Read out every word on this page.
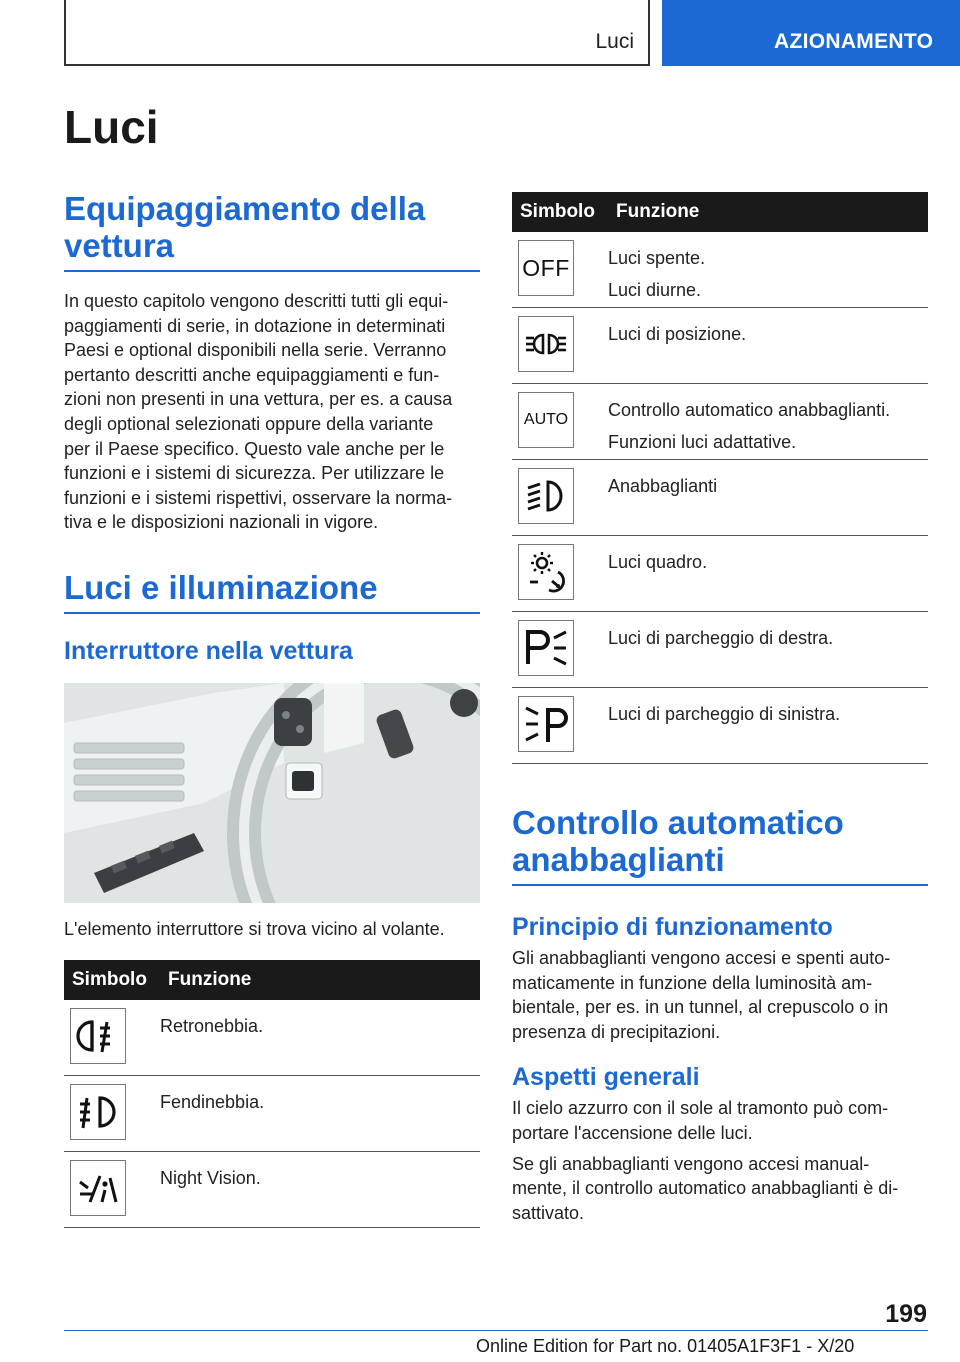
Luci	AZIONAMENTO
Luci
Equipaggiamento della vettura
In questo capitolo vengono descritti tutti gli equi-
paggiamenti di serie, in dotazione in determinati
Paesi e optional disponibili nella serie. Verranno
pertanto descritti anche equipaggiamenti e fun-
zioni non presenti in una vettura, per es. a causa
degli optional selezionati oppure della variante
per il Paese specifico. Questo vale anche per le
funzioni e i sistemi di sicurezza. Per utilizzare le
funzioni e i sistemi rispettivi, osservare la norma-
tiva e le disposizioni nazionali in vigore.
Luci e illuminazione
Interruttore nella vettura
L'elemento interruttore si trova vicino al volante.
Simbolo	Funzione
Retronebbia.
Fendinebbia.
Night Vision.
Simbolo	Funzione
OFF Luci spente.
Luci diurne.
Luci di posizione.
AUTO Controllo automatico anabbaglianti.
Funzioni luci adattative.
Anabbaglianti
Luci quadro.
Luci di parcheggio di destra.
Luci di parcheggio di sinistra.
Controllo automatico anabbaglianti
Principio di funzionamento
Gli anabbaglianti vengono accesi e spenti auto-
maticamente in funzione della luminosità am-
bientale, per es. in un tunnel, al crepuscolo o in
presenza di precipitazioni.
Aspetti generali
Il cielo azzurro con il sole al tramonto può com-
portare l'accensione delle luci.
Se gli anabbaglianti vengono accesi manual-
mente, il controllo automatico anabbaglianti è di-
sattivato.
199
Online Edition for Part no. 01405A1F3F1 - X/20
